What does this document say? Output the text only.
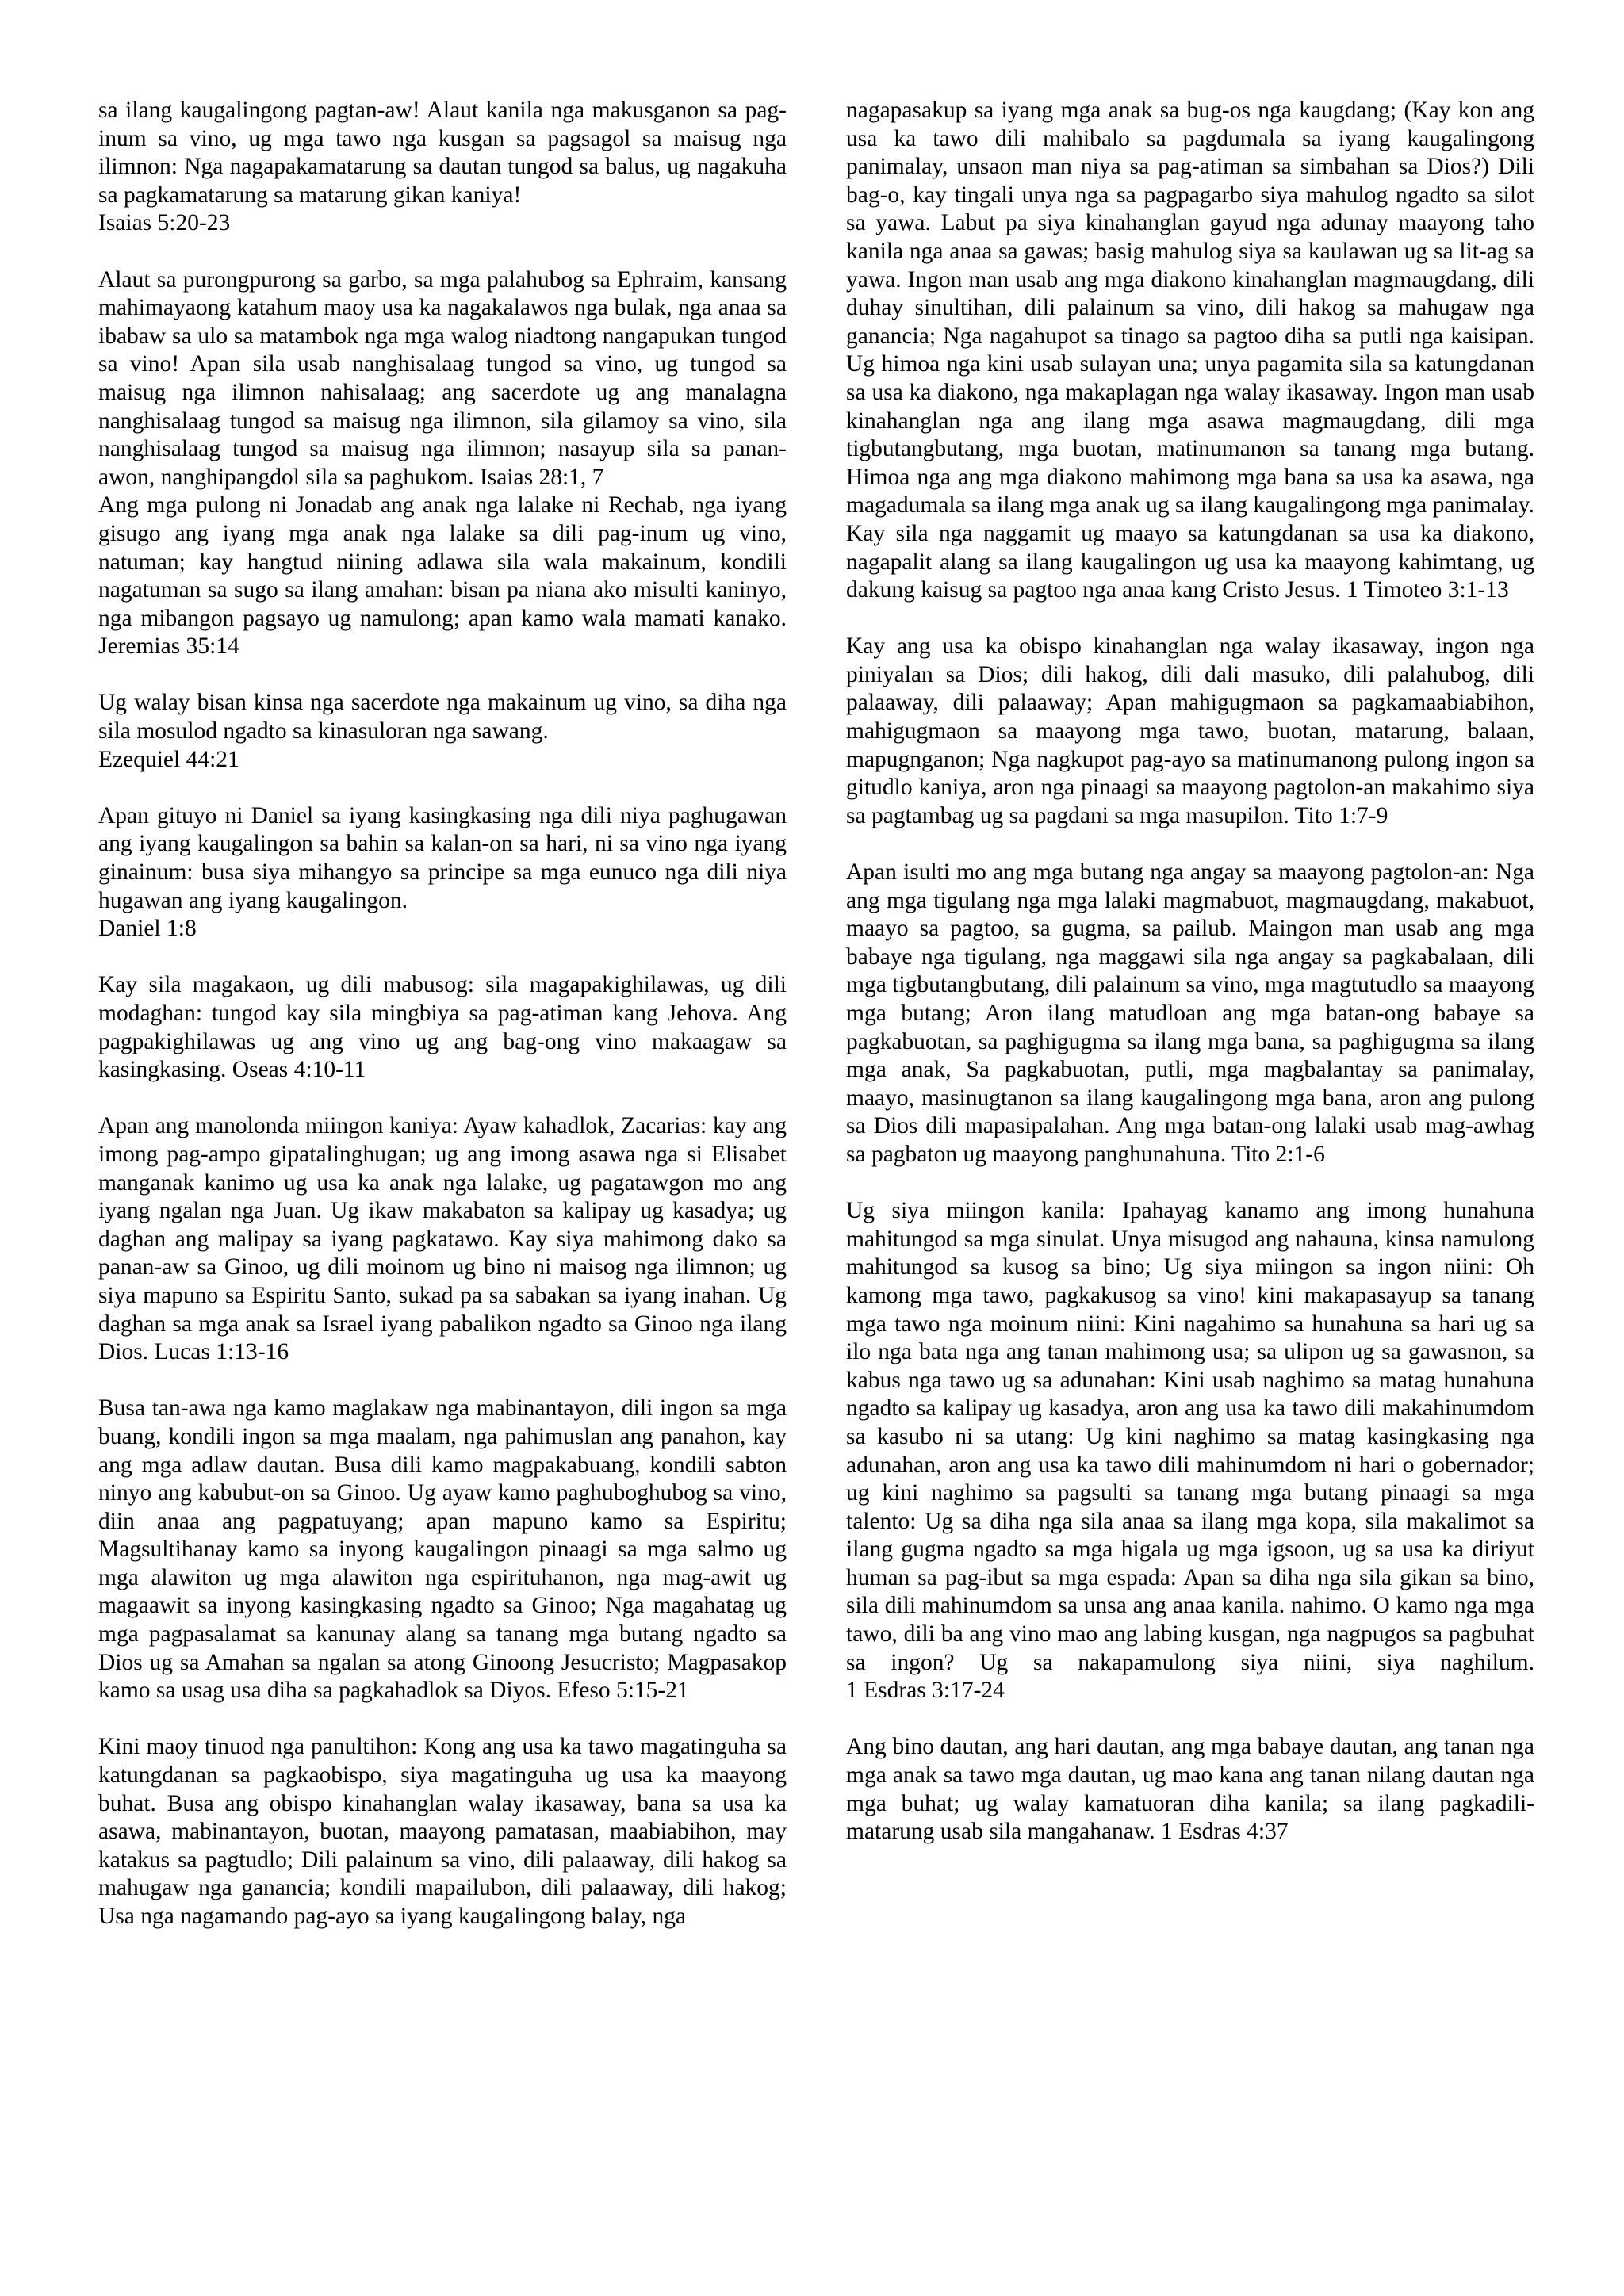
sa ilang kaugalingong pagtan-aw! Alaut kanila nga makusganon sa pag-inum sa vino, ug mga tawo nga kusgan sa pagsagol sa maisug nga ilimnon: Nga nagapakamatarung sa dautan tungod sa balus, ug nagakuha sa pagkamatarung sa matarung gikan kaniya!
Isaias 5:20-23

Alaut sa purongpurong sa garbo, sa mga palahubog sa Ephraim, kansang mahimayaong katahum maoy usa ka nagakalawos nga bulak, nga anaa sa ibabaw sa ulo sa matambok nga mga walog niadtong nangapukan tungod sa vino! Apan sila usab nanghisalaag tungod sa vino, ug tungod sa maisug nga ilimnon nahisalaag; ang sacerdote ug ang manalagna nanghisalaag tungod sa maisug nga ilimnon, sila gilamoy sa vino, sila nanghisalaag tungod sa maisug nga ilimnon; nasayup sila sa panan-awon, nanghipangdol sila sa paghukom. Isaias 28:1, 7

Ang mga pulong ni Jonadab ang anak nga lalake ni Rechab, nga iyang gisugo ang iyang mga anak nga lalake sa dili pag-inum ug vino, natuman; kay hangtud niining adlawa sila wala makainum, kondili nagatuman sa sugo sa ilang amahan: bisan pa niana ako misulti kaninyo, nga mibangon pagsayo ug namulong; apan kamo wala mamati kanako. Jeremias 35:14

Ug walay bisan kinsa nga sacerdote nga makainum ug vino, sa diha nga sila mosulod ngadto sa kinasuloran nga sawang.
Ezequiel 44:21

Apan gituyo ni Daniel sa iyang kasingkasing nga dili niya paghugawan ang iyang kaugalingon sa bahin sa kalan-on sa hari, ni sa vino nga iyang ginainum: busa siya mihangyo sa principe sa mga eunuco nga dili niya hugawan ang iyang kaugalingon.
Daniel 1:8

Kay sila magakaon, ug dili mabusog: sila magapakighilawas, ug dili modaghan: tungod kay sila mingbiya sa pag-atiman kang Jehova. Ang pagpakighilawas ug ang vino ug ang bag-ong vino makaagaw sa kasingkasing. Oseas 4:10-11

Apan ang manolonda miingon kaniya: Ayaw kahadlok, Zacarias: kay ang imong pag-ampo gipatalinghugan; ug ang imong asawa nga si Elisabet manganak kanimo ug usa ka anak nga lalake, ug pagatawgon mo ang iyang ngalan nga Juan. Ug ikaw makabaton sa kalipay ug kasadya; ug daghan ang malipay sa iyang pagkatawo. Kay siya mahimong dako sa panan-aw sa Ginoo, ug dili moinom ug bino ni maisog nga ilimnon; ug siya mapuno sa Espiritu Santo, sukad pa sa sabakan sa iyang inahan. Ug daghan sa mga anak sa Israel iyang pabalikon ngadto sa Ginoo nga ilang Dios. Lucas 1:13-16

Busa tan-awa nga kamo maglakaw nga mabinantayon, dili ingon sa mga buang, kondili ingon sa mga maalam, nga pahimuslan ang panahon, kay ang mga adlaw dautan. Busa dili kamo magpakabuang, kondili sabton ninyo ang kabubut-on sa Ginoo. Ug ayaw kamo paghuboghubog sa vino, diin anaa ang pagpatuyang; apan mapuno kamo sa Espiritu; Magsultihanay kamo sa inyong kaugalingon pinaagi sa mga salmo ug mga alawiton ug mga alawiton nga espirituhanon, nga mag-awit ug magaawit sa inyong kasingkasing ngadto sa Ginoo; Nga magahatag ug mga pagpasalamat sa kanunay alang sa tanang mga butang ngadto sa Dios ug sa Amahan sa ngalan sa atong Ginoong Jesucristo; Magpasakop kamo sa usag usa diha sa pagkahadlok sa Diyos. Efeso 5:15-21

Kini maoy tinuod nga panultihon: Kong ang usa ka tawo magatinguha sa katungdanan sa pagkaobispo, siya magatinguha ug usa ka maayong buhat. Busa ang obispo kinahanglan walay ikasaway, bana sa usa ka asawa, mabinantayon, buotan, maayong pamatasan, maabiabihon, may katakus sa pagtudlo; Dili palainum sa vino, dili palaaway, dili hakog sa mahugaw nga ganancia; kondili mapailubon, dili palaaway, dili hakog; Usa nga nagamando pag-ayo sa iyang kaugalingong balay, nga

nagapasakup sa iyang mga anak sa bug-os nga kaugdang; (Kay kon ang usa ka tawo dili mahibalo sa pagdumala sa iyang kaugalingong panimalay, unsaon man niya sa pag-atiman sa simbahan sa Dios?) Dili bag-o, kay tingali unya nga sa pagpagarbo siya mahulog ngadto sa silot sa yawa. Labut pa siya kinahanglan gayud nga adunay maayong taho kanila nga anaa sa gawas; basig mahulog siya sa kaulawan ug sa lit-ag sa yawa. Ingon man usab ang mga diakono kinahanglan magmaugdang, dili duhay sinultihan, dili palainum sa vino, dili hakog sa mahugaw nga ganancia; Nga nagahupot sa tinago sa pagtoo diha sa putli nga kaisipan. Ug himoa nga kini usab sulayan una; unya pagamita sila sa katungdanan sa usa ka diakono, nga makaplagan nga walay ikasaway. Ingon man usab kinahanglan nga ang ilang mga asawa magmaugdang, dili mga tigbutangbutang, mga buotan, matinumanon sa tanang mga butang. Himoa nga ang mga diakono mahimong mga bana sa usa ka asawa, nga magadumala sa ilang mga anak ug sa ilang kaugalingong mga panimalay. Kay sila nga naggamit ug maayo sa katungdanan sa usa ka diakono, nagapalit alang sa ilang kaugalingon ug usa ka maayong kahimtang, ug dakung kaisug sa pagtoo nga anaa kang Cristo Jesus. 1 Timoteo 3:1-13

Kay ang usa ka obispo kinahanglan nga walay ikasaway, ingon nga piniyalan sa Dios; dili hakog, dili dali masuko, dili palahubog, dili palaaway, dili palaaway; Apan mahigugmaon sa pagkamaabiabihon, mahigugmaon sa maayong mga tawo, buotan, matarung, balaan, mapugnganon; Nga nagkupot pag-ayo sa matinumanong pulong ingon sa gitudlo kaniya, aron nga pinaagi sa maayong pagtolon-an makahimo siya sa pagtambag ug sa pagdani sa mga masupilon. Tito 1:7-9

Apan isulti mo ang mga butang nga angay sa maayong pagtolon-an: Nga ang mga tigulang nga mga lalaki magmabuot, magmaugdang, makabuot, maayo sa pagtoo, sa gugma, sa pailub. Maingon man usab ang mga babaye nga tigulang, nga maggawi sila nga angay sa pagkabalaan, dili mga tigbutangbutang, dili palainum sa vino, mga magtutudlo sa maayong mga butang; Aron ilang matudloan ang mga batan-ong babaye sa pagkabuotan, sa paghigugma sa ilang mga bana, sa paghigugma sa ilang mga anak, Sa pagkabuotan, putli, mga magbalantay sa panimalay, maayo, masinugtanon sa ilang kaugalingong mga bana, aron ang pulong sa Dios dili mapasipalahan. Ang mga batan-ong lalaki usab mag-awhag sa pagbaton ug maayong panghunahuna. Tito 2:1-6

Ug siya miingon kanila: Ipahayag kanamo ang imong hunahuna mahitungod sa mga sinulat. Unya misugod ang nahauna, kinsa namulong mahitungod sa kusog sa bino; Ug siya miingon sa ingon niini: Oh kamong mga tawo, pagkakusog sa vino! kini makapasayup sa tanang mga tawo nga moinum niini: Kini nagahimo sa hunahuna sa hari ug sa ilo nga bata nga ang tanan mahimong usa; sa ulipon ug sa gawasnon, sa kabus nga tawo ug sa adunahan: Kini usab naghimo sa matag hunahuna ngadto sa kalipay ug kasadya, aron ang usa ka tawo dili makahinumdom sa kasubo ni sa utang: Ug kini naghimo sa matag kasingkasing nga adunahan, aron ang usa ka tawo dili mahinumdom ni hari o gobernador; ug kini naghimo sa pagsulti sa tanang mga butang pinaagi sa mga talento: Ug sa diha nga sila anaa sa ilang mga kopa, sila makalimot sa ilang gugma ngadto sa mga higala ug mga igsoon, ug sa usa ka diriyut human sa pag-ibut sa mga espada: Apan sa diha nga sila gikan sa bino, sila dili mahinumdom sa unsa ang anaa kanila. nahimo. O kamo nga mga tawo, dili ba ang vino mao ang labing kusgan, nga nagpugos sa pagbuhat sa ingon? Ug sa nakapamulong siya niini, siya naghilum. 1 Esdras 3:17-24

Ang bino dautan, ang hari dautan, ang mga babaye dautan, ang tanan nga mga anak sa tawo mga dautan, ug mao kana ang tanan nilang dautan nga mga buhat; ug walay kamatuoran diha kanila; sa ilang pagkadili-matarung usab sila mangahanaw. 1 Esdras 4:37
